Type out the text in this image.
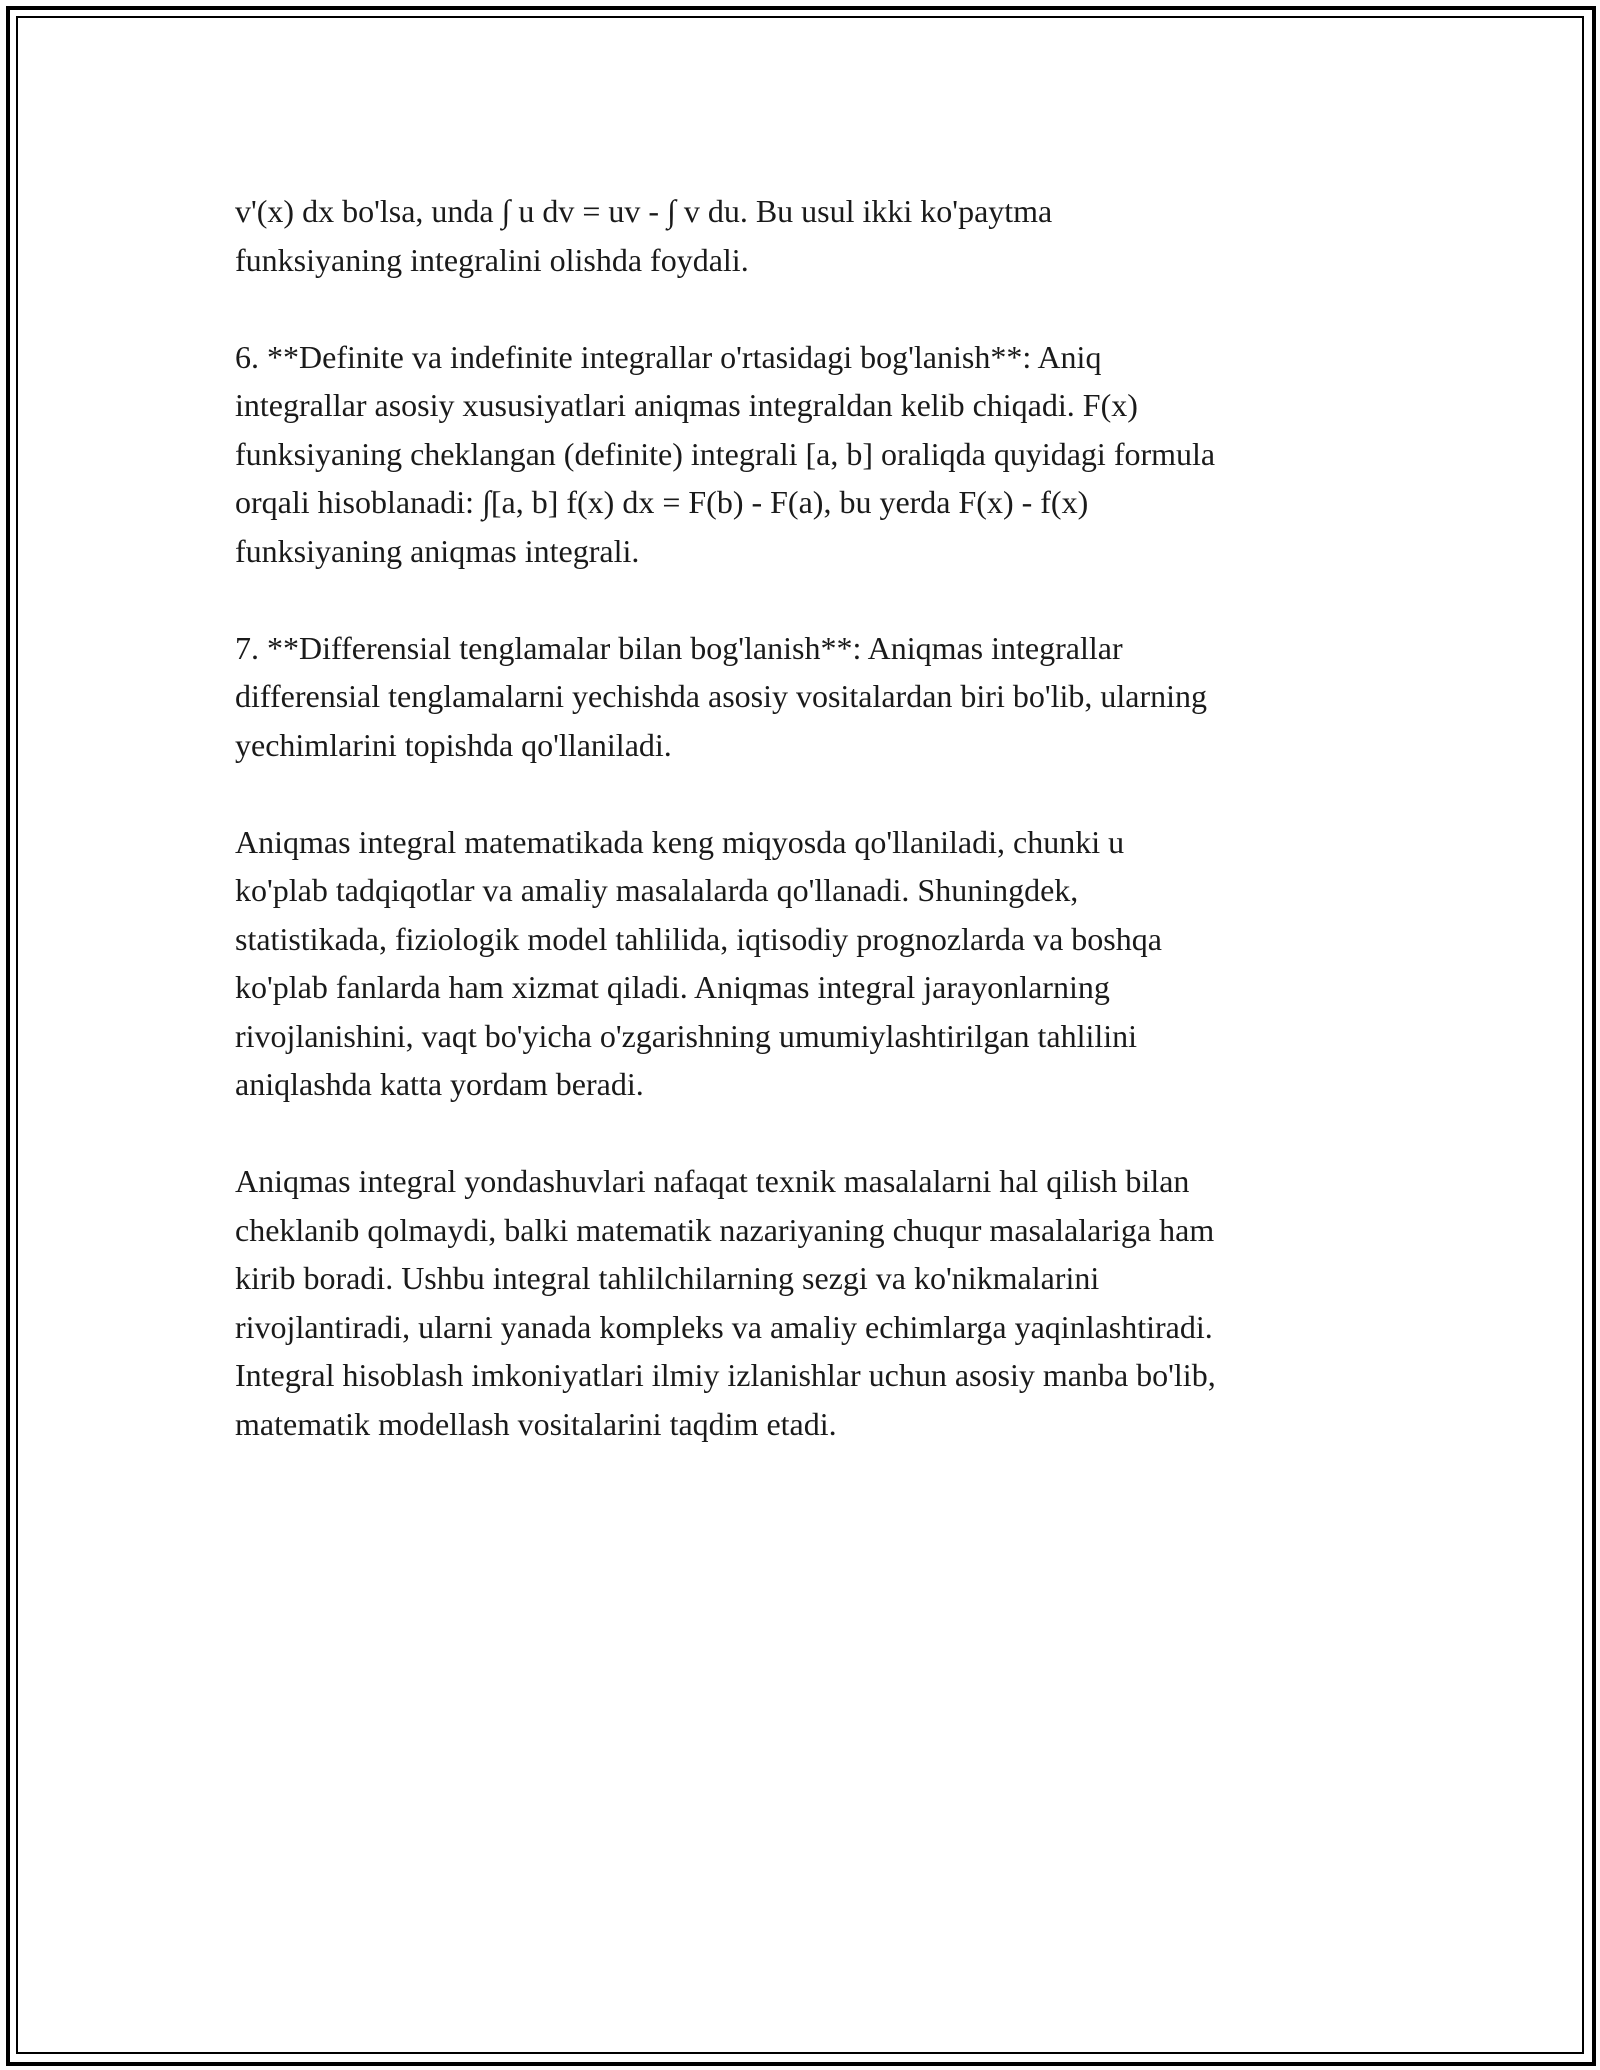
v'(x) dx bo'lsa, unda ∫ u dv = uv - ∫ v du. Bu usul ikki ko'paytma
funksiyaning integralini olishda foydali.

6. **Definite va indefinite integrallar o'rtasidagi bog'lanish**: Aniq
integrallar asosiy xususiyatlari aniqmas integraldan kelib chiqadi. F(x)
funksiyaning cheklangan (definite) integrali [a, b] oraliqda quyidagi formula
orqali hisoblanadi: ∫[a, b] f(x) dx = F(b) - F(a), bu yerda F(x) - f(x)
funksiyaning aniqmas integrali.

7. **Differensial tenglamalar bilan bog'lanish**: Aniqmas integrallar
differensial tenglamalarni yechishda asosiy vositalardan biri bo'lib, ularning
yechimlarini topishda qo'llaniladi.

Aniqmas integral matematikada keng miqyosda qo'llaniladi, chunki u
ko'plab tadqiqotlar va amaliy masalalarda qo'llanadi. Shuningdek,
statistikada, fiziologik model tahlilida, iqtisodiy prognozlarda va boshqa
ko'plab fanlarda ham xizmat qiladi. Aniqmas integral jarayonlarning
rivojlanishini, vaqt bo'yicha o'zgarishning umumiylashtirilgan tahlilini
aniqlashda katta yordam beradi.

Aniqmas integral yondashuvlari nafaqat texnik masalalarni hal qilish bilan
cheklanib qolmaydi, balki matematik nazariyaning chuqur masalalariga ham
kirib boradi. Ushbu integral tahlilchilarning sezgi va ko'nikmalarini
rivojlantiradi, ularni yanada kompleks va amaliy echimlarga yaqinlashtiradi.
Integral hisoblash imkoniyatlari ilmiy izlanishlar uchun asosiy manba bo'lib,
matematik modellash vositalarini taqdim etadi.
